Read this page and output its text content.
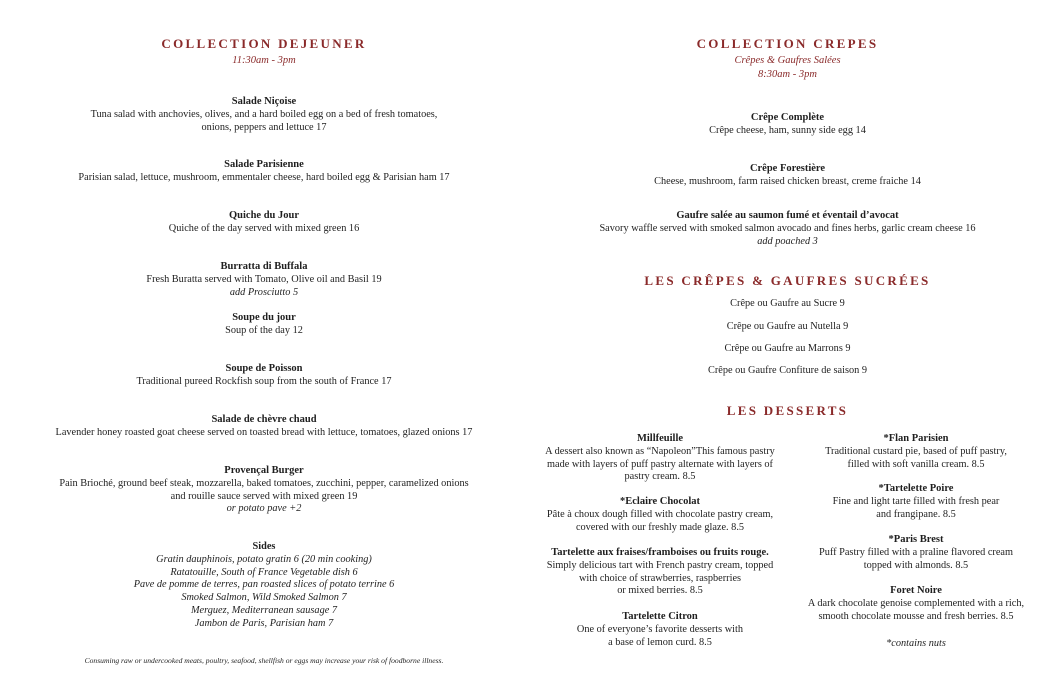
COLLECTION DEJEUNER
11:30am - 3pm
Salade Niçoise
Tuna salad with anchovies, olives, and a hard boiled egg on a bed of fresh tomatoes,
onions, peppers and lettuce 17
Salade Parisienne
Parisian salad, lettuce, mushroom, emmentaler cheese, hard boiled egg & Parisian ham 17
Quiche du Jour
Quiche of the day served with mixed green 16
Burratta di Buffala
Fresh Buratta served with Tomato, Olive oil and Basil 19
add Prosciutto 5
Soupe du jour
Soup of the day 12
Soupe de Poisson
Traditional pureed Rockfish soup from the south of France 17
Salade de chèvre chaud
Lavender honey roasted goat cheese served on toasted bread with lettuce, tomatoes, glazed onions 17
Provençal Burger
Pain Brioché, ground beef steak, mozzarella, baked tomatoes, zucchini, pepper, caramelized onions
and rouille sauce served with mixed green 19
or potato pave +2
Sides
Gratin dauphinois, potato gratin 6 (20 min cooking)
Ratatouille, South of France Vegetable dish 6
Pave de pomme de terres, pan roasted slices of potato terrine 6
Smoked Salmon, Wild Smoked Salmon 7
Merguez, Mediterranean sausage 7
Jambon de Paris, Parisian ham 7
Consuming raw or undercooked meats, poultry, seafood, shellfish or eggs may increase your risk of foodborne illness.
COLLECTION CREPES
Crêpes & Gaufres Salées
8:30am - 3pm
Crêpe Complète
Crêpe cheese, ham, sunny side egg 14
Crêpe Forestière
Cheese, mushroom, farm raised chicken breast, creme fraiche 14
Gaufre salée au saumon fumé et éventail d’avocat
Savory waffle served with smoked salmon avocado and fines herbs, garlic cream cheese 16
add poached 3
LES CRÊPES & GAUFRES SUCRÉES
Crêpe ou Gaufre au Sucre 9
Crêpe ou Gaufre au Nutella 9
Crêpe ou Gaufre au Marrons 9
Crêpe ou Gaufre Confiture de saison 9
LES DESSERTS
Millfeuille
A dessert also known as “Napoleon”This famous pastry
made with layers of puff pastry alternate with layers of
pastry cream. 8.5
*Eclaire Chocolat
Pâte à choux dough filled with chocolate pastry cream,
covered with our freshly made glaze. 8.5
Tartelette aux fraises/framboises ou fruits rouge.
Simply delicious tart with French pastry cream, topped
with choice of strawberries, raspberries
or mixed berries. 8.5
Tartelette Citron
One of everyone’s favorite desserts with
a base of lemon curd. 8.5
*Flan Parisien
Traditional custard pie, based of puff pastry,
filled with soft vanilla cream. 8.5
*Tartelette Poire
Fine and light tarte filled with fresh pear
and frangipane. 8.5
*Paris Brest
Puff Pastry filled with a praline flavored cream
topped with almonds. 8.5
Foret Noire
A dark chocolate genoise complemented with a rich,
smooth chocolate mousse and fresh berries. 8.5
*contains nuts
